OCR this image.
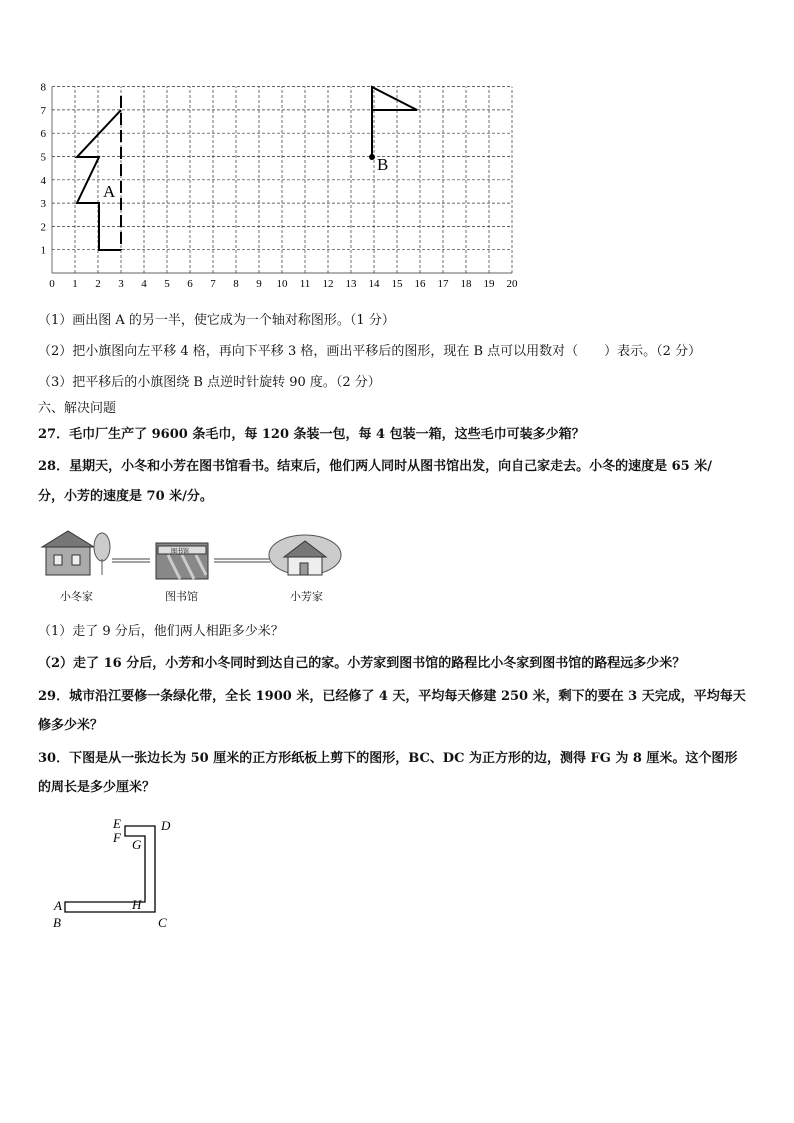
0 1 2 3 4 5 6 7 8 9 10 11 12 13 14 15 16 17 18 19 20
1
2
3
4
5
6
7
8
A
B
（1）画出图 A 的另一半，使它成为一个轴对称图形。（1 分）
（2）把小旗图向左平移 4 格，再向下平移 3 格，画出平移后的图形，现在 B 点可以用数对（　　）表示。（2 分）
（3）把平移后的小旗图绕 B 点逆时针旋转 90 度。（2 分）
六、解决问题
27．毛巾厂生产了 9600 条毛巾，每 120 条装一包，每 4 包装一箱，这些毛巾可装多少箱？
28．星期天，小冬和小芳在图书馆看书。结束后，他们两人同时从图书馆出发，向自己家走去。小冬的速度是 65 米/
分，小芳的速度是 70 米/分。
图书馆
小冬家	图书馆	小芳家
（1）走了 9 分后，他们两人相距多少米？
（2）走了 16 分后，小芳和小冬同时到达自己的家。小芳家到图书馆的路程比小冬家到图书馆的路程远多少米？
29．城市沿江要修一条绿化带，全长 1900 米，已经修了 4 天，平均每天修建 250 米，剩下的要在 3 天完成，平均每天
修多少米？
30．下图是从一张边长为 50 厘米的正方形纸板上剪下的图形，BC、DC 为正方形的边，测得 FG 为 8 厘米。这个图形
的周长是多少厘米？
E	D
F G
A	H
B	C
